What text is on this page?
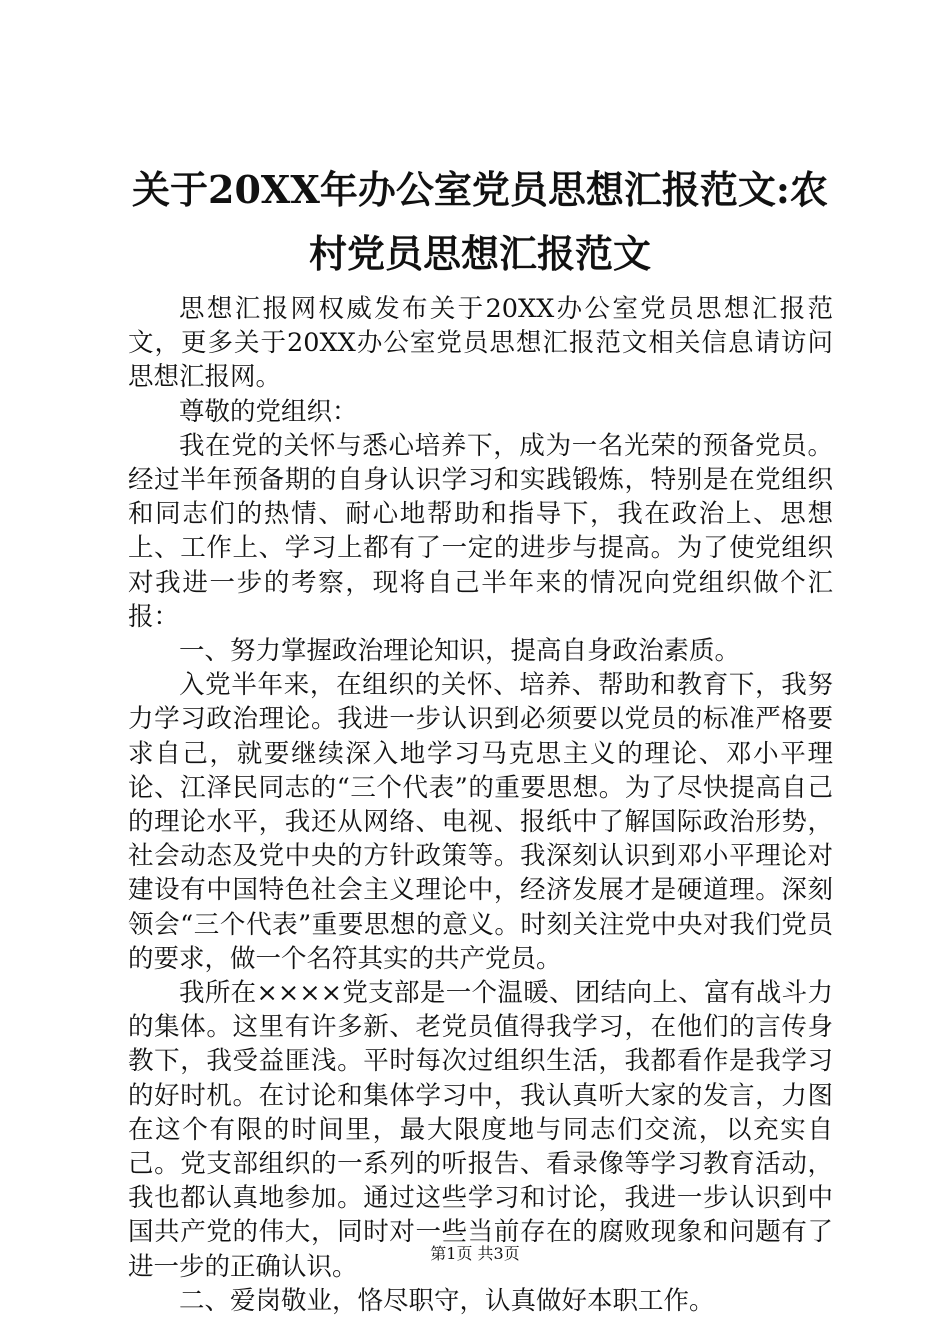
关于20XX年办公室党员思想汇报范文:农村党员思想汇报范文

思想汇报网权威发布关于20XX办公室党员思想汇报范文，更多关于20XX办公室党员思想汇报范文相关信息请访问思想汇报网。

尊敬的党组织：

我在党的关怀与悉心培养下，成为一名光荣的预备党员。经过半年预备期的自身认识学习和实践锻炼，特别是在党组织和同志们的热情、耐心地帮助和指导下，我在政治上、思想上、工作上、学习上都有了一定的进步与提高。为了使党组织对我进一步的考察，现将自己半年来的情况向党组织做个汇报：

一、努力掌握政治理论知识，提高自身政治素质。

入党半年来，在组织的关怀、培养、帮助和教育下，我努力学习政治理论。我进一步认识到必须要以党员的标准严格要求自己，就要继续深入地学习马克思主义的理论、邓小平理论、江泽民同志的“三个代表”的重要思想。为了尽快提高自己的理论水平，我还从网络、电视、报纸中了解国际政治形势，社会动态及党中央的方针政策等。我深刻认识到邓小平理论对建设有中国特色社会主义理论中，经济发展才是硬道理。深刻领会“三个代表”重要思想的意义。时刻关注党中央对我们党员的要求，做一个名符其实的共产党员。

我所在××××党支部是一个温暖、团结向上、富有战斗力的集体。这里有许多新、老党员值得我学习，在他们的言传身教下，我受益匪浅。平时每次过组织生活，我都看作是我学习的好时机。在讨论和集体学习中，我认真听大家的发言，力图在这个有限的时间里，最大限度地与同志们交流，以充实自己。党支部组织的一系列的听报告、看录像等学习教育活动，我也都认真地参加。通过这些学习和讨论，我进一步认识到中国共产党的伟大，同时对一些当前存在的腐败现象和问题有了进一步的正确认识。

二、爱岗敬业，恪尽职守，认真做好本职工作。

第1页 共3页
